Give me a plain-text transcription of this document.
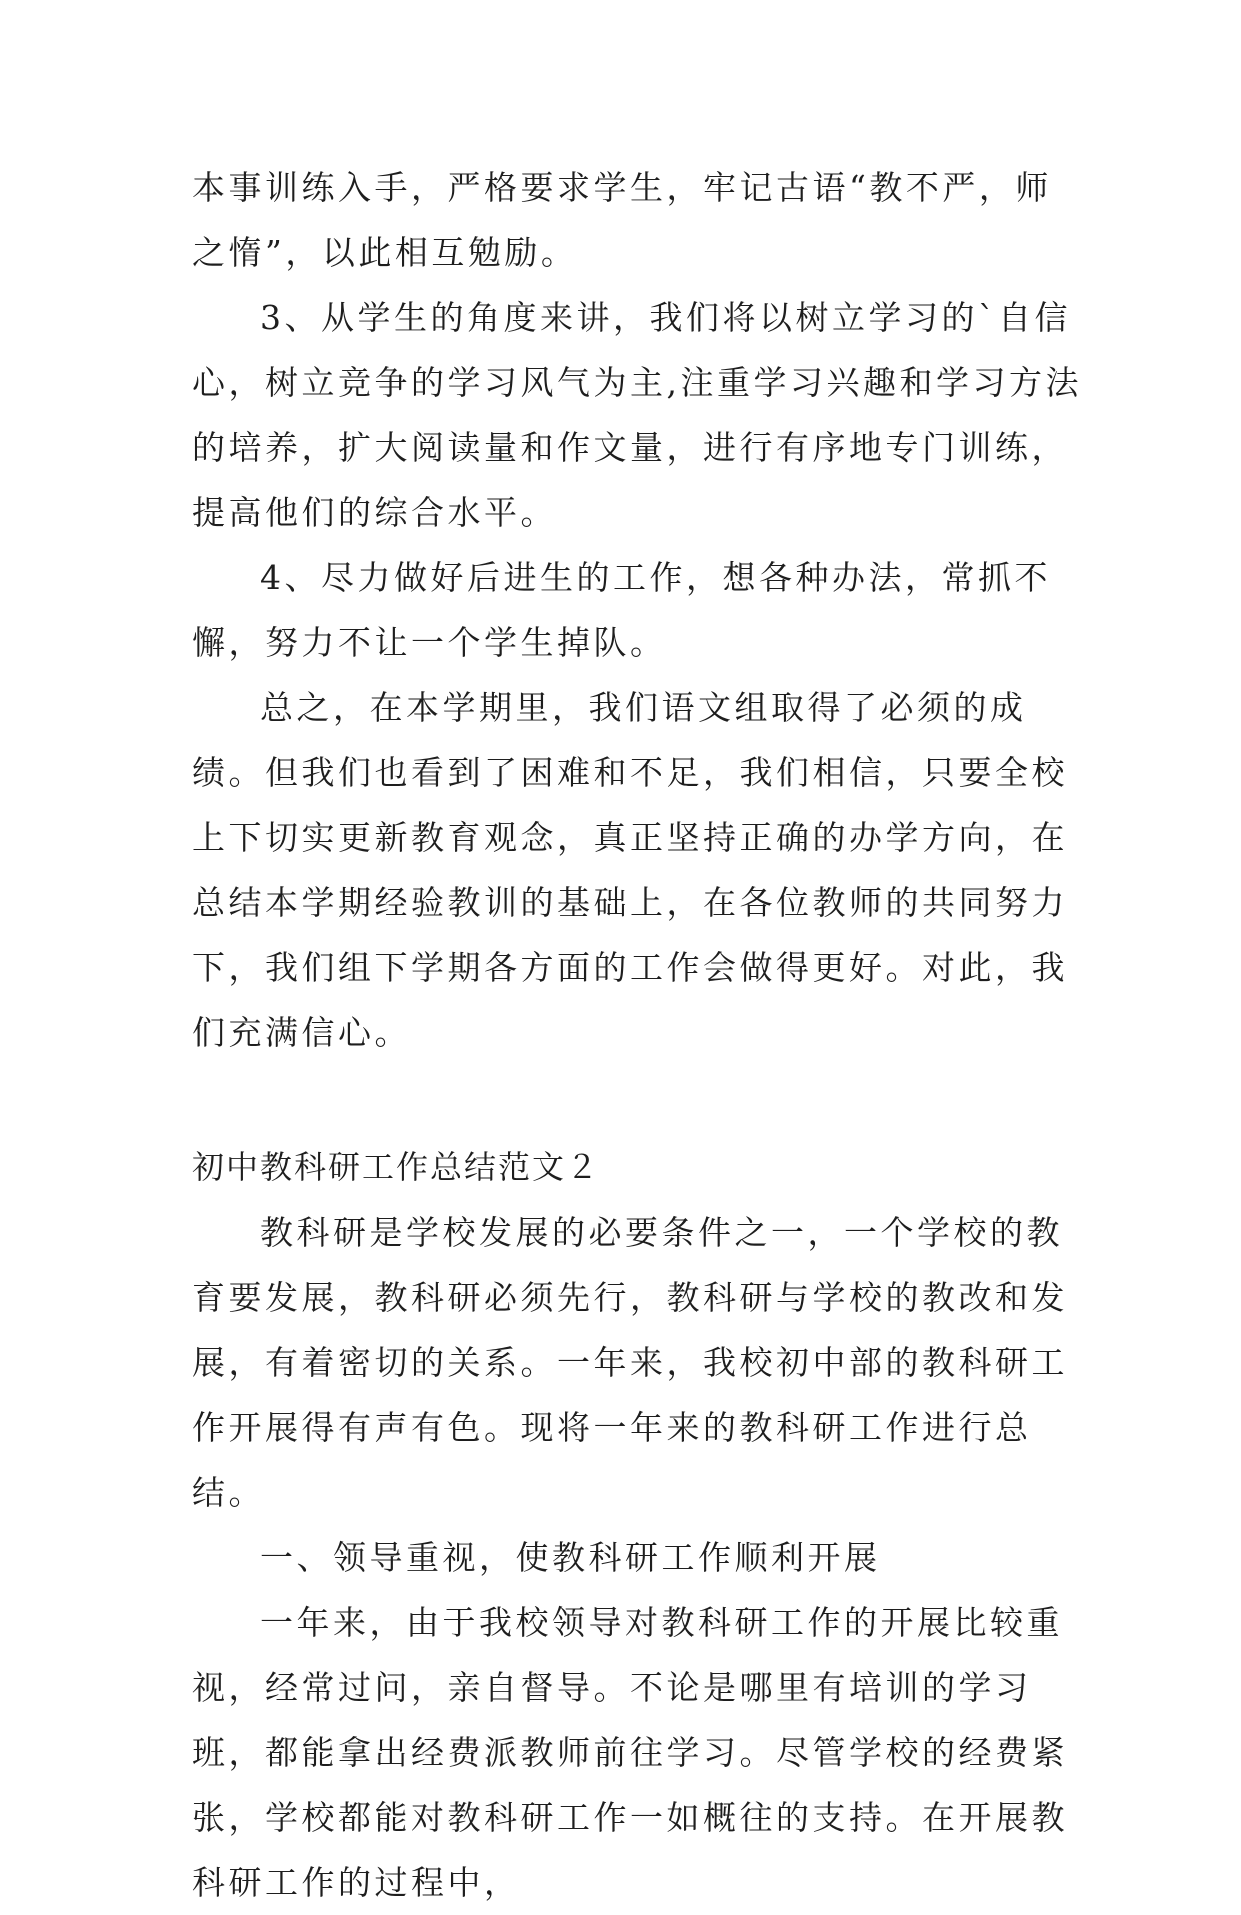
本事训练入手，严格要求学生，牢记古语“教不严，师之惰”，以此相互勉励。

3、从学生的角度来讲，我们将以树立学习的`自信心，树立竞争的学习风气为主,注重学习兴趣和学习方法的培养，扩大阅读量和作文量，进行有序地专门训练，提高他们的综合水平。

4、尽力做好后进生的工作，想各种办法，常抓不懈，努力不让一个学生掉队。

总之，在本学期里，我们语文组取得了必须的成绩。但我们也看到了困难和不足，我们相信，只要全校上下切实更新教育观念，真正坚持正确的办学方向，在总结本学期经验教训的基础上，在各位教师的共同努力下，我们组下学期各方面的工作会做得更好。对此，我们充满信心。

初中教科研工作总结范文２

教科研是学校发展的必要条件之一，一个学校的教育要发展，教科研必须先行，教科研与学校的教改和发展，有着密切的关系。一年来，我校初中部的教科研工作开展得有声有色。现将一年来的教科研工作进行总结。

一、领导重视，使教科研工作顺利开展

一年来，由于我校领导对教科研工作的开展比较重视，经常过问，亲自督导。不论是哪里有培训的学习班，都能拿出经费派教师前往学习。尽管学校的经费紧张，学校都能对教科研工作一如概往的支持。在开展教科研工作的过程中，
